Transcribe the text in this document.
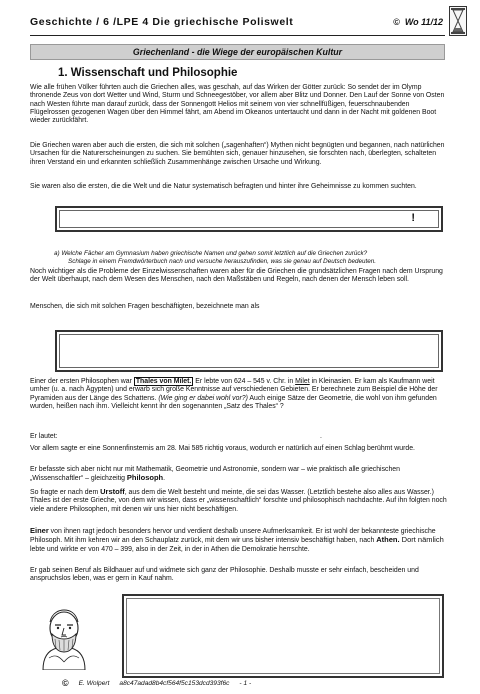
Geschichte / 6 /LPE 4 Die griechische Poliswelt	© Wo 11/12
Griechenland - die Wiege der europäischen Kultur
1. Wissenschaft und Philosophie
Wie alle frühen Völker führten auch die Griechen alles, was geschah, auf das Wirken der Götter zurück: So sendet der im Olymp thronende Zeus von dort Wetter und Wind, Sturm und Schneegestöber, vor allem aber Blitz und Donner. Den Lauf der Sonne von Osten nach Westen führte man darauf zurück, dass der Sonnengott Helios mit seinem von vier schnellfüßigen, feuerschnaubenden Flügelrossen gezogenen Wagen über den Himmel fährt, am Abend im Okeanos untertaucht und dann in der Nacht mit goldenen Boot wieder zurückfährt.
Die Griechen waren aber auch die ersten, die sich mit solchen („sagenhaften“) Mythen nicht begnügten und begannen, nach natürlichen Ursachen für die Naturerscheinungen zu suchen. Sie bemühten sich, genauer hinzusehen, sie forschten nach, überlegten, schalteten ihren Verstand ein und erkannten schließlich Zusammenhänge zwischen Ursache und Wirkung.
Sie waren also die ersten, die die Welt und die Natur systematisch befragten und hinter ihre Geheimnisse zu kommen suchten.
!
a) Welche Fächer am Gymnasium haben griechische Namen und gehen somit letztlich auf die Griechen zurück?
Schlage in einem Fremdwörterbuch nach und versuche herauszufinden, was sie genau auf Deutsch bedeuten.
Noch wichtiger als die Probleme der Einzelwissenschaften waren aber für die Griechen die grundsätzlichen Fragen nach dem Ursprung der Welt überhaupt, nach dem Wesen des Menschen, nach den Maßstäben und Regeln, nach denen der Mensch leben soll.
Menschen, die sich mit solchen Fragen beschäftigten, bezeichnete man als
Einer der ersten Philosophen war Thales von Milet. Er lebte von 624 – 545 v. Chr. in Milet in Kleinasien. Er kam als Kaufmann weit umher (u. a. nach Ägypten) und erwarb sich große Kenntnisse auf verschiedenen Gebieten. Er berechnete zum Beispiel die Höhe der Pyramiden aus der Länge des Schattens. (Wie ging er dabei wohl vor?) Auch einige Sätze der Geometrie, die wohl von ihm gefunden wurden, heißen nach ihm. Vielleicht kennt ihr den sogenannten „Satz des Thales“ ?
Er lautet:	.
Vor allem sagte er eine Sonnenfinsternis am 28. Mai 585 richtig voraus, wodurch er natürlich auf einen Schlag berühmt wurde.
Er befasste sich aber nicht nur mit Mathematik, Geometrie und Astronomie, sondern war – wie praktisch alle griechischen „Wissenschaftler“ – gleichzeitig Philosoph.
So fragte er nach dem Urstoff, aus dem die Welt besteht und meinte, die sei das Wasser. (Letztlich bestehe also alles aus Wasser.) Thales ist der erste Grieche, von dem wir wissen, dass er „wissenschaftlich“ forschte und philosophisch nachdachte. Auf ihn folgten noch viele andere Philosophen, mit denen wir uns hier nicht beschäftigen.
Einer von ihnen ragt jedoch besonders hervor und verdient deshalb unsere Aufmerksamkeit. Er ist wohl der bekannteste griechische Philosoph. Mit ihm kehren wir an den Schauplatz zurück, mit dem wir uns bisher intensiv beschäftigt haben, nach Athen. Dort nämlich lebte und wirkte er von 470 – 399, also in der Zeit, in der in Athen die Demokratie herrschte.
Er gab seinen Beruf als Bildhauer auf und widmete sich ganz der Philosophie. Deshalb musste er sehr einfach, bescheiden und anspruchslos leben, was er gern in Kauf nahm.
© E. Wolpert a8c47adad8b4cf564f5c153dcd393f6c - 1 -
